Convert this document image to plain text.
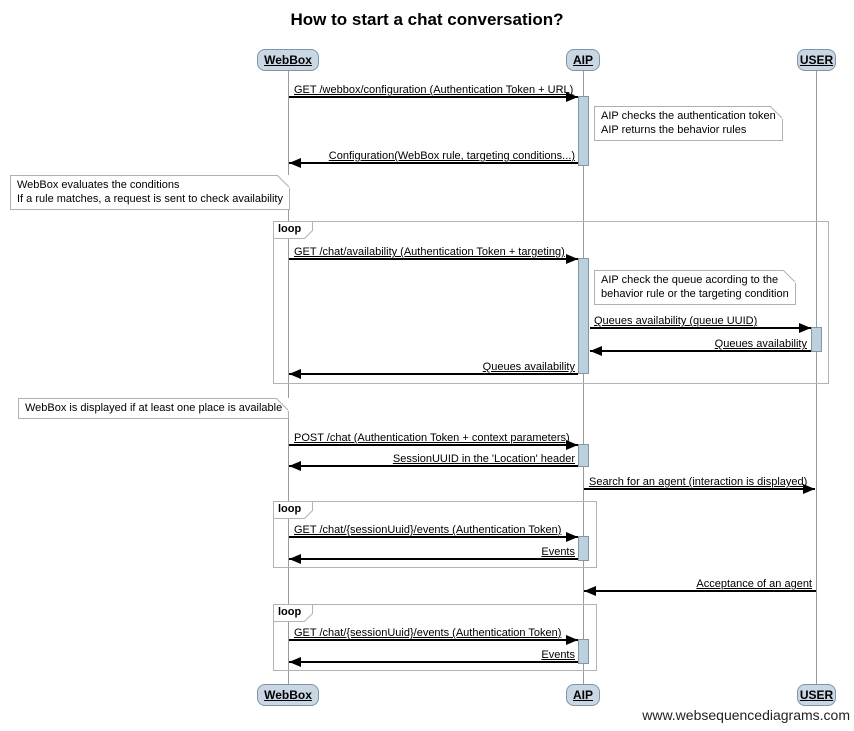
How to start a chat conversation?
loop
loop
loop
GET /webbox/configuration (Authentication Token + URL)
Configuration(WebBox rule, targeting conditions...)
GET /chat/availability (Authentication Token + targeting)
Queues availability (queue UUID)
Queues availability
Queues availability
POST /chat (Authentication Token + context parameters)
SessionUUID in the 'Location' header
Search for an agent (interaction is displayed)
GET /chat/{sessionUuid}/events (Authentication Token)
Events
Acceptance of an agent
GET /chat/{sessionUuid}/events (Authentication Token)
Events
AIP checks the authentication token
AIP returns the behavior rules
WebBox evaluates the conditions
If a rule matches, a request is sent to check availability
AIP check the queue acording to the
behavior rule or the targeting condition
WebBox is displayed if at least one place is available
WebBox	AIP	USER
WebBox	AIP	USER
www.websequencediagrams.com
